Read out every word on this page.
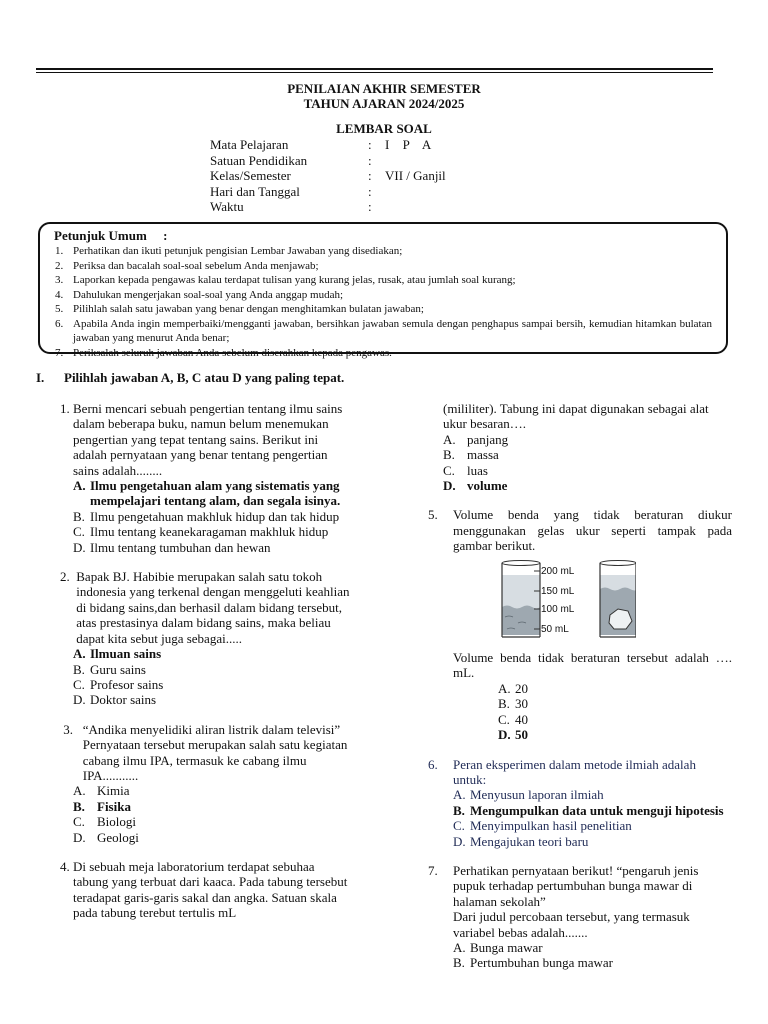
PENILAIAN AKHIR SEMESTER
TAHUN AJARAN 2024/2025
LEMBAR SOAL
Mata Pelajaran	:	I P A
Satuan Pendidikan	:
Kelas/Semester	:	VII / Ganjil
Hari dan Tanggal	:
Waktu	:
Petunjuk Umum     :
1. Perhatikan dan ikuti petunjuk pengisian Lembar Jawaban yang disediakan;
2. Periksa dan bacalah soal-soal sebelum Anda menjawab;
3. Laporkan kepada pengawas kalau terdapat tulisan yang kurang jelas, rusak, atau jumlah soal kurang;
4. Dahulukan mengerjakan soal-soal yang Anda anggap mudah;
5. Pilihlah salah satu jawaban yang benar dengan menghitamkan bulatan jawaban;
6. Apabila Anda ingin memperbaiki/mengganti jawaban, bersihkan jawaban semula dengan penghapus sampai bersih, kemudian hitamkan bulatan jawaban yang menurut Anda benar;
7. Periksalah seluruh jawaban Anda sebelum diserahkan kepada pengawas.
I. Pilihlah jawaban A, B, C atau D yang paling tepat.
1. Berni mencari sebuah pengertian tentang ilmu sains dalam beberapa buku, namun belum menemukan pengertian yang tepat tentang sains. Berikut ini adalah pernyataan yang benar tentang pengertian sains adalah........
A. Ilmu pengetahuan alam yang sistematis yang mempelajari tentang alam, dan segala isinya.
B. Ilmu pengetahuan makhluk hidup dan tak hidup
C. Ilmu tentang keanekaragaman makhluk hidup
D. Ilmu tentang tumbuhan dan hewan
2. Bapak BJ. Habibie merupakan salah satu tokoh indonesia yang terkenal dengan menggeluti keahlian di bidang sains,dan berhasil dalam bidang tersebut, atas prestasinya dalam bidang sains, maka beliau dapat kita sebut juga sebagai.....
A. Ilmuan sains
B. Guru sains
C. Profesor sains
D. Doktor sains
3. “Andika menyelidiki aliran listrik dalam televisi” Pernyataan tersebut merupakan salah satu kegiatan cabang ilmu IPA, termasuk ke cabang ilmu IPA...........
A. Kimia
B. Fisika
C. Biologi
D. Geologi
4. Di sebuah meja laboratorium terdapat sebuhaa tabung yang terbuat dari kaaca. Pada tabung tersebut teradapat garis-garis sakal dan angka. Satuan skala pada tabung terebut tertulis mL
(mililiter). Tabung ini dapat digunakan sebagai alat ukur besaran….
A. panjang
B. massa
C. luas
D. volume
5.	Volume benda yang tidak beraturan diukur menggunakan gelas ukur seperti tampak pada gambar berikut.
200 mL
150 mL
100 mL
50 mL
Volume benda tidak beraturan tersebut adalah …. mL.
A. 20
B. 30
C. 40
D. 50
6.	Peran eksperimen dalam metode ilmiah adalah untuk:
A. Menyusun laporan ilmiah
B. Mengumpulkan data untuk menguji hipotesis
C. Menyimpulkan hasil penelitian
D. Mengajukan teori baru
7.	Perhatikan pernyataan berikut! “pengaruh jenis pupuk terhadap pertumbuhan bunga mawar di halaman sekolah”
Dari judul percobaan tersebut, yang termasuk variabel bebas adalah.......
A. Bunga mawar
B. Pertumbuhan bunga mawar
